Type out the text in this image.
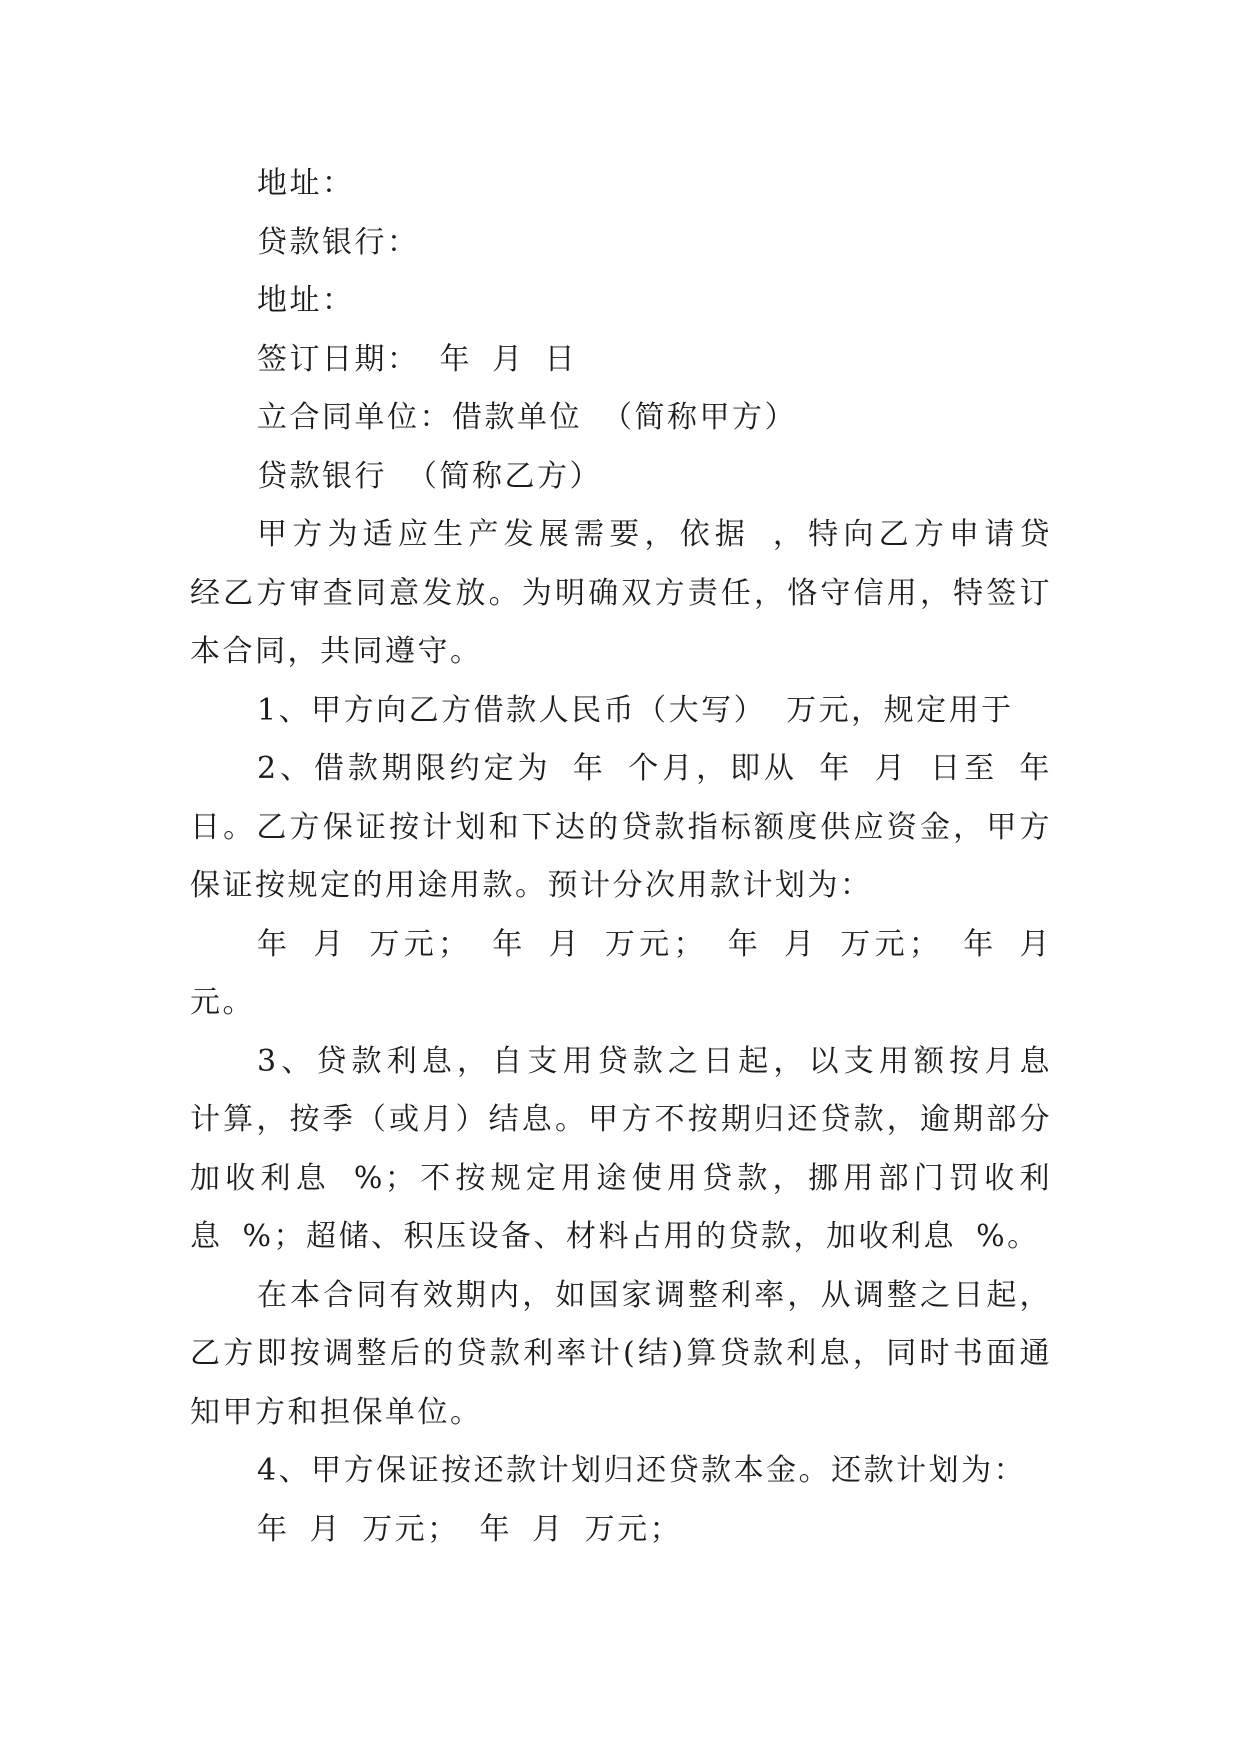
地址：
贷款银行：
地址：
签订日期： 年 月 日
立合同单位：借款单位 （简称甲方）
贷款银行 （简称乙方）
甲方为适应生产发展需要，依据 ，特向乙方申请贷
经乙方审查同意发放。为明确双方责任，恪守信用，特签订
本合同，共同遵守。
1、甲方向乙方借款人民币（大写） 万元，规定用于
2、借款期限约定为 年 个月，即从 年 月 日至 年
日。乙方保证按计划和下达的贷款指标额度供应资金，甲方
保证按规定的用途用款。预计分次用款计划为：
年 月 万元； 年 月 万元； 年 月 万元； 年 月
元。
3、贷款利息，自支用贷款之日起，以支用额按月息
计算，按季（或月）结息。甲方不按期归还贷款，逾期部分
加收利息 %；不按规定用途使用贷款，挪用部门罚收利
息 %；超储、积压设备、材料占用的贷款，加收利息 %。
在本合同有效期内，如国家调整利率，从调整之日起，
乙方即按调整后的贷款利率计(结)算贷款利息，同时书面通
知甲方和担保单位。
4、甲方保证按还款计划归还贷款本金。还款计划为：
年 月 万元； 年 月 万元；
